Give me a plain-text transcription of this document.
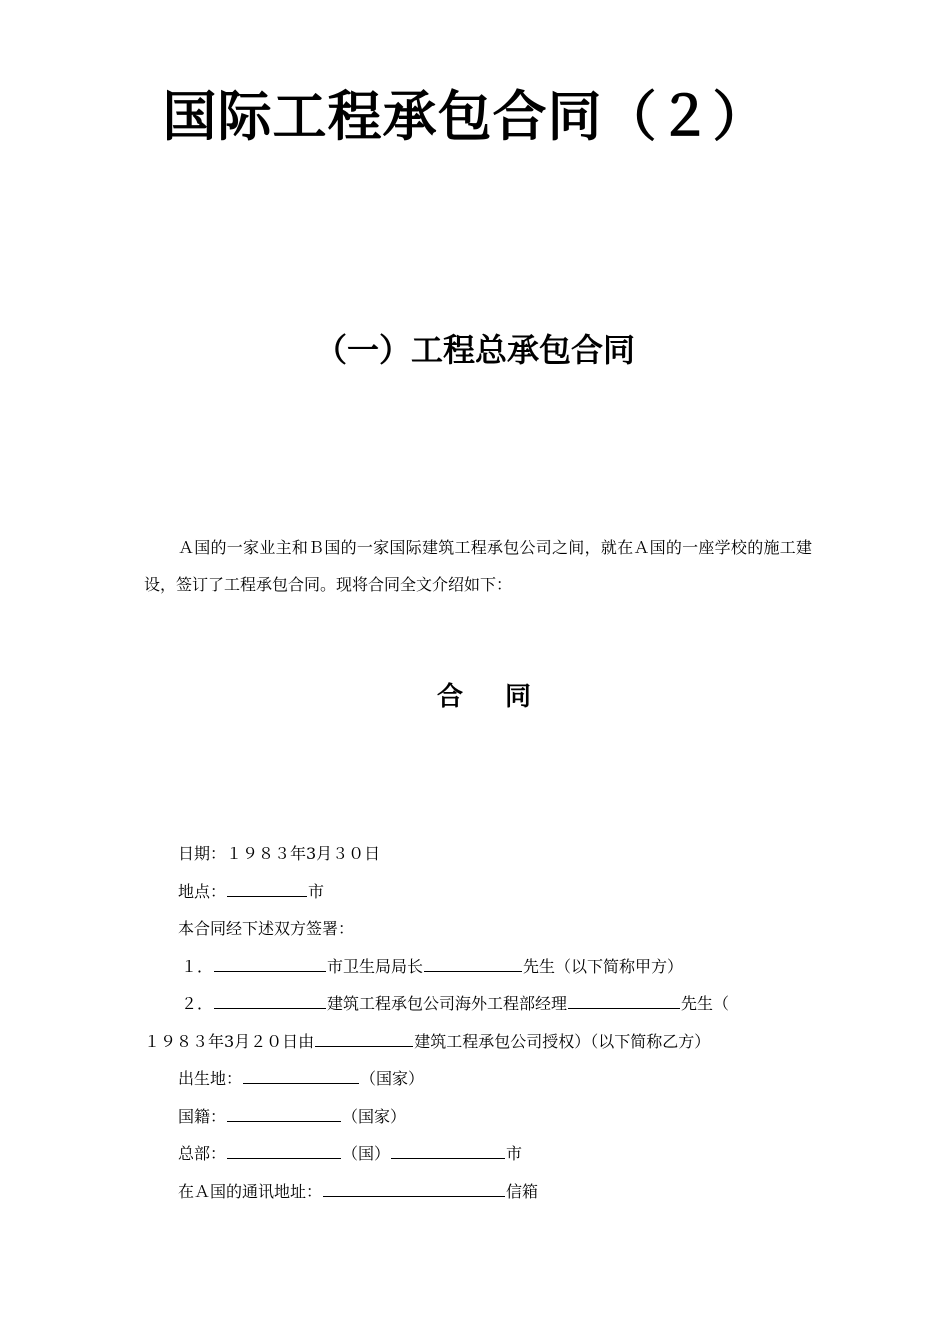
国际工程承包合同（２）
（一）工程总承包合同

Ａ国的一家业主和Ｂ国的一家国际建筑工程承包公司之间，就在Ａ国的一座学校的施工建设，签订了工程承包合同。现将合同全文介绍如下：

合同
日期：１９８３年3月３０日
地点：	市
本合同经下述双方签署：
１．	市卫生局局长	先生（以下简称甲方）
２．	建筑工程承包公司海外工程部经理	先生（
１９８３年3月２０日由	建筑工程承包公司授权）（以下简称乙方）
出生地：	（国家）
国籍：	（国家）
总部：	（国）	市
在Ａ国的通讯地址：	信箱
